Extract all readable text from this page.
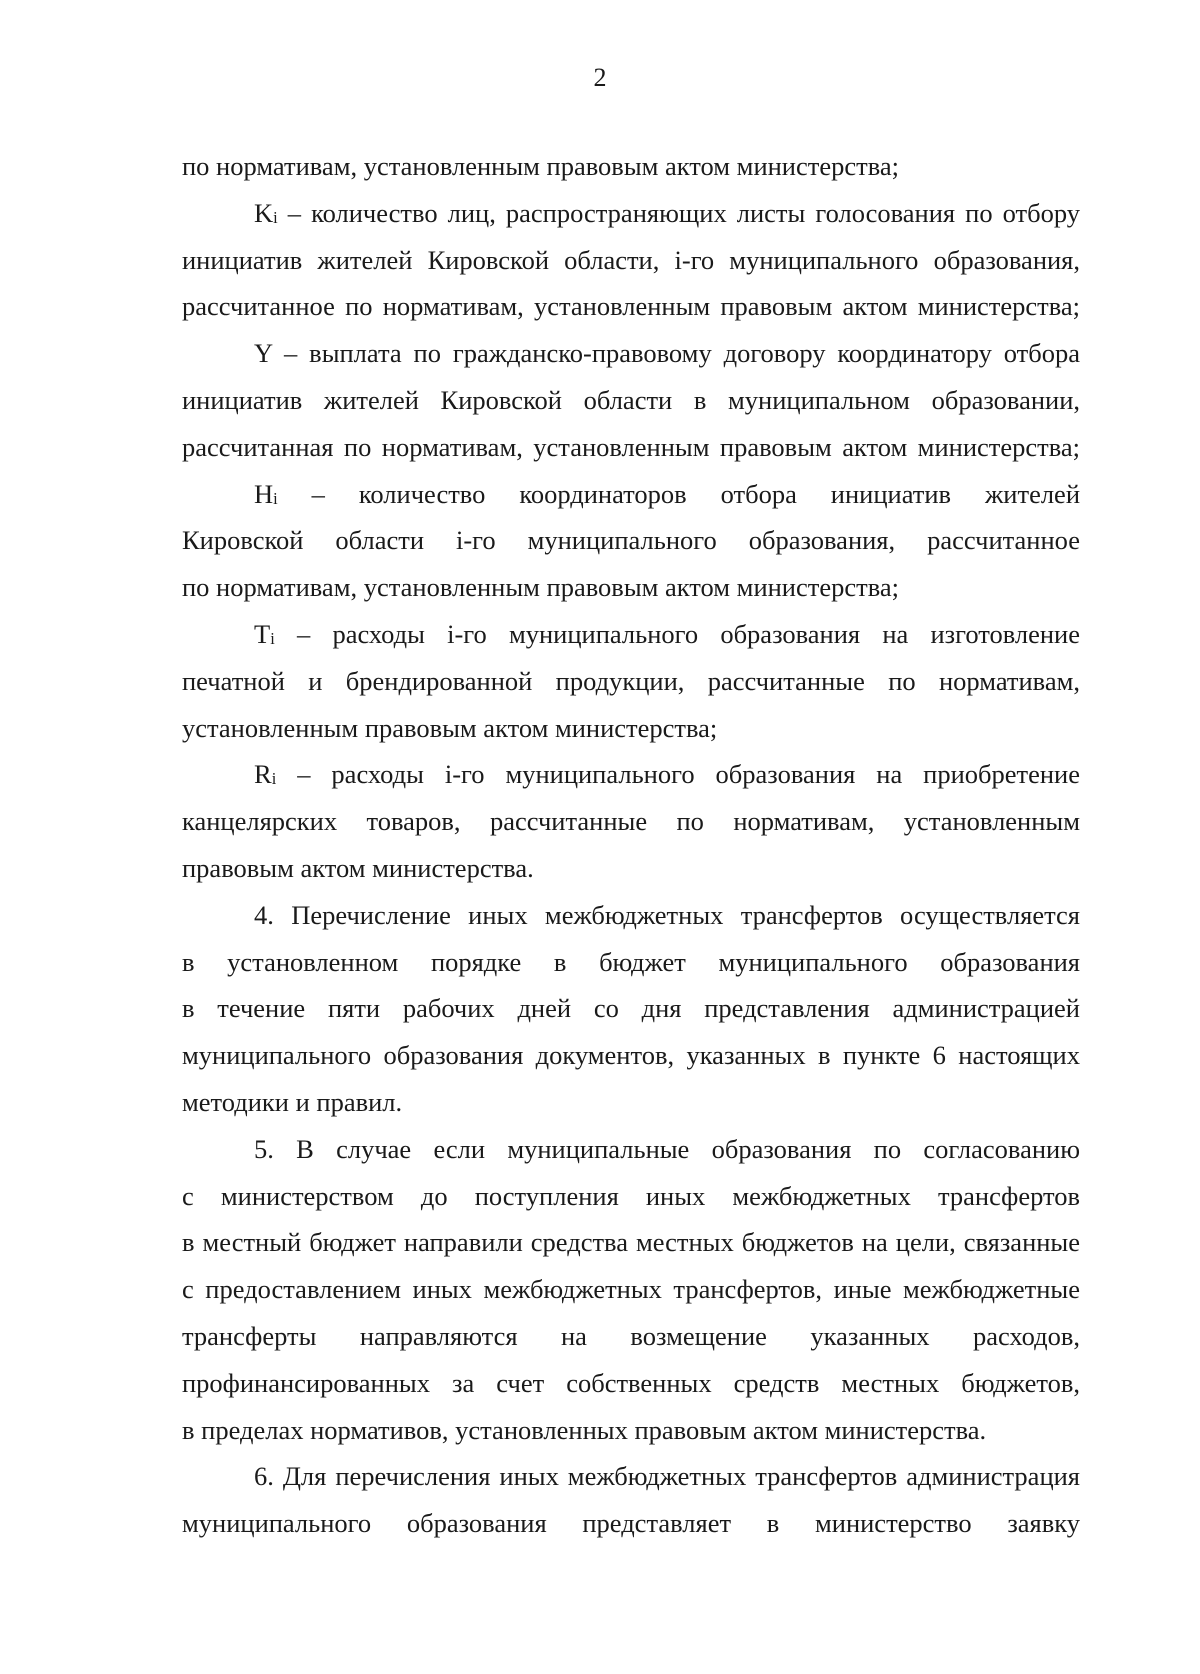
2
по нормативам, установленным правовым актом министерства;
$K_i$ – количество лиц, распространяющих листы голосования по отбору
инициатив жителей Кировской области, i-го муниципального образования,
рассчитанное по нормативам, установленным правовым актом министерства;
Y – выплата по гражданско-правовому договору координатору отбора
инициатив жителей Кировской области в муниципальном образовании,
рассчитанная по нормативам, установленным правовым актом министерства;
$H_i$ – количество координаторов отбора инициатив жителей
Кировской области i-го муниципального образования, рассчитанное
по нормативам, установленным правовым актом министерства;
$T_i$ – расходы i-го муниципального образования на изготовление
печатной и брендированной продукции, рассчитанные по нормативам,
установленным правовым актом министерства;
$R_i$ – расходы i-го муниципального образования на приобретение
канцелярских товаров, рассчитанные по нормативам, установленным
правовым актом министерства.
4. Перечисление иных межбюджетных трансфертов осуществляется
в установленном порядке в бюджет муниципального образования
в течение пяти рабочих дней со дня представления администрацией
муниципального образования документов, указанных в пункте 6 настоящих
методики и правил.
5. В случае если муниципальные образования по согласованию
с министерством до поступления иных межбюджетных трансфертов
в местный бюджет направили средства местных бюджетов на цели, связанные
с предоставлением иных межбюджетных трансфертов, иные межбюджетные
трансферты направляются на возмещение указанных расходов,
профинансированных за счет собственных средств местных бюджетов,
в пределах нормативов, установленных правовым актом министерства.
6. Для перечисления иных межбюджетных трансфертов администрация
муниципального образования представляет в министерство заявку
